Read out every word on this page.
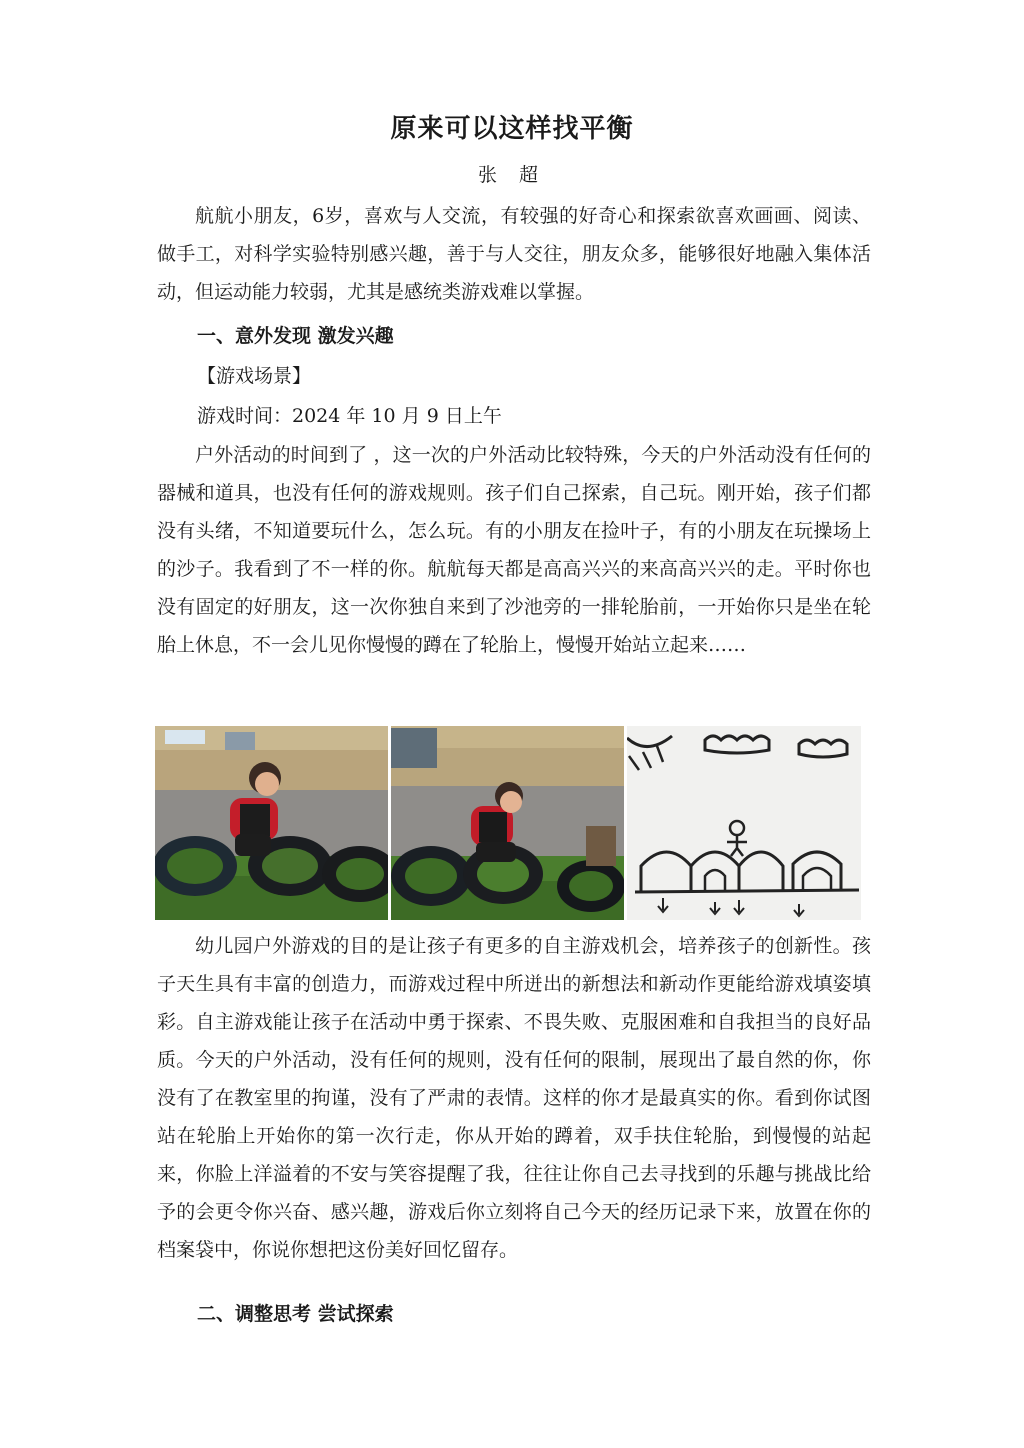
原来可以这样找平衡
张 超

航航小朋友，6岁，喜欢与人交流，有较强的好奇心和探索欲喜欢画画、阅读、做手工，对科学实验特别感兴趣，善于与人交往，朋友众多，能够很好地融入集体活动，但运动能力较弱，尤其是感统类游戏难以掌握。

一、意外发现 激发兴趣
【游戏场景】
游戏时间：2024 年 10 月 9 日上午

户外活动的时间到了 ，这一次的户外活动比较特殊，今天的户外活动没有任何的器械和道具，也没有任何的游戏规则。孩子们自己探索，自己玩。刚开始，孩子们都没有头绪，不知道要玩什么，怎么玩。有的小朋友在捡叶子，有的小朋友在玩操场上的沙子。我看到了不一样的你。航航每天都是高高兴兴的来高高兴兴的走。平时你也没有固定的好朋友，这一次你独自来到了沙池旁的一排轮胎前，一开始你只是坐在轮胎上休息，不一会儿见你慢慢的蹲在了轮胎上，慢慢开始站立起来……

幼儿园户外游戏的目的是让孩子有更多的自主游戏机会，培养孩子的创新性。孩子天生具有丰富的创造力，而游戏过程中所迸出的新想法和新动作更能给游戏填姿填彩。自主游戏能让孩子在活动中勇于探索、不畏失败、克服困难和自我担当的良好品质。今天的户外活动，没有任何的规则，没有任何的限制，展现出了最自然的你，你没有了在教室里的拘谨，没有了严肃的表情。这样的你才是最真实的你。看到你试图站在轮胎上开始你的第一次行走，你从开始的蹲着，双手扶住轮胎，到慢慢的站起来，你脸上洋溢着的不安与笑容提醒了我，往往让你自己去寻找到的乐趣与挑战比给予的会更令你兴奋、感兴趣，游戏后你立刻将自己今天的经历记录下来，放置在你的档案袋中，你说你想把这份美好回忆留存。

二、调整思考 尝试探索
